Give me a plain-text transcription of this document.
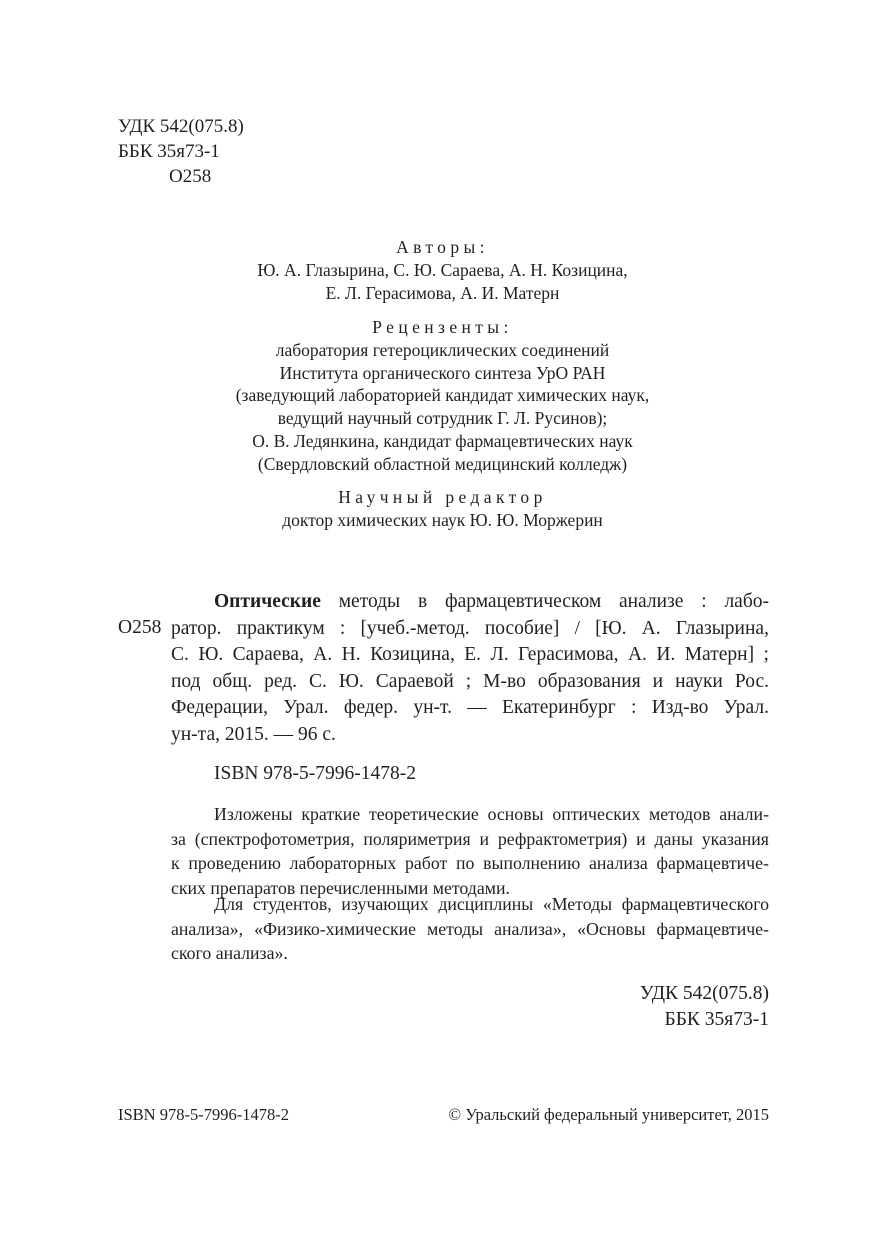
УДК 542(075.8)
ББК 35я73-1
О258
Авторы:
Ю. А. Глазырина, С. Ю. Сараева, А. Н. Козицина,
Е. Л. Герасимова, А. И. Матерн
Рецензенты:
лаборатория гетероциклических соединений
Института органического синтеза УрО РАН
(заведующий лабораторией кандидат химических наук,
ведущий научный сотрудник Г. Л. Русинов);
О. В. Ледянкина, кандидат фармацевтических наук
(Свердловский областной медицинский колледж)
Научный редактор
доктор химических наук Ю. Ю. Моржерин
О258
Оптические методы в фармацевтическом анализе : лабо-
ратор. практикум : [учеб.-метод. пособие] / [Ю. А. Глазырина,
С. Ю. Сараева, А. Н. Козицина, Е. Л. Герасимова, А. И. Матерн] ;
под общ. ред. С. Ю. Сараевой ; М-во образования и науки Рос.
Федерации, Урал. федер. ун-т. — Екатеринбург : Изд-во Урал.
ун-та, 2015. — 96 с.
ISBN 978-5-7996-1478-2
Изложены краткие теоретические основы оптических методов анали-
за (спектрофотометрия, поляриметрия и рефрактометрия) и даны указания
к проведению лабораторных работ по выполнению анализа фармацевтиче-
ских препаратов перечисленными методами.
Для студентов, изучающих дисциплины «Методы фармацевтического
анализа», «Физико-химические методы анализа», «Основы фармацевтиче-
ского анализа».
УДК 542(075.8)
ББК 35я73-1
ISBN 978-5-7996-1478-2	© Уральский федеральный университет, 2015
